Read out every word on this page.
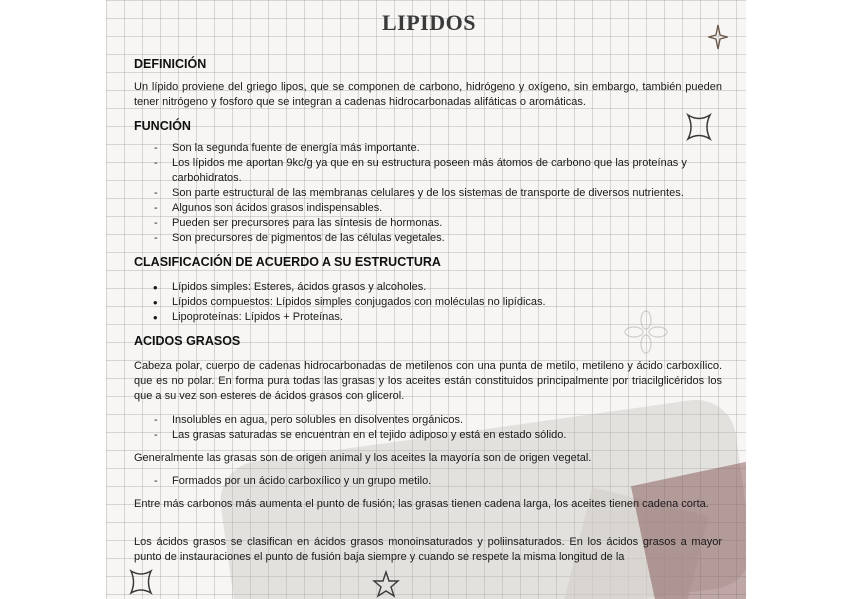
LIPIDOS
DEFINICIÓN

Un lípido proviene del griego lipos, que se componen de carbono, hidrógeno y oxígeno, sin embargo, también pueden tener nitrógeno y fosforo que se integran a cadenas hidrocarbonadas alifáticas o aromáticas.

FUNCIÓN
- Son la segunda fuente de energía más importante.
- Los lípidos me aportan 9kc/g ya que en su estructura poseen más átomos de carbono que las proteínas y carbohidratos.
- Son parte estructural de las membranas celulares y de los sistemas de transporte de diversos nutrientes.
- Algunos son ácidos grasos indispensables.
- Pueden ser precursores para las síntesis de hormonas.
- Son precursores de pigmentos de las células vegetales.
CLASIFICACIÓN DE ACUERDO A SU ESTRUCTURA
• Lípidos simples: Esteres, ácidos grasos y alcoholes.
• Lípidos compuestos: Lípidos simples conjugados con moléculas no lipídicas.
• Lipoproteínas: Lípidos + Proteínas.
ACIDOS GRASOS

Cabeza polar, cuerpo de cadenas hidrocarbonadas de metilenos con una punta de metilo, metileno y ácido carboxílico. que es no polar. En forma pura todas las grasas y los aceites están constituidos principalmente por triacilglicéridos los que a su vez son esteres de ácidos grasos con glicerol.

- Insolubles en agua, pero solubles en disolventes orgánicos.
- Las grasas saturadas se encuentran en el tejido adiposo y está en estado sólido.

Generalmente las grasas son de origen animal y los aceites la mayoría son de origen vegetal.

- Formados por un ácido carboxílico y un grupo metilo.

Entre más carbonos más aumenta el punto de fusión; las grasas tienen cadena larga, los aceites tienen cadena corta.

Los ácidos grasos se clasifican en ácidos grasos monoinsaturados y poliinsaturados. En los ácidos grasos a mayor punto de instauraciones el punto de fusión baja siempre y cuando se respete la misma longitud de la
